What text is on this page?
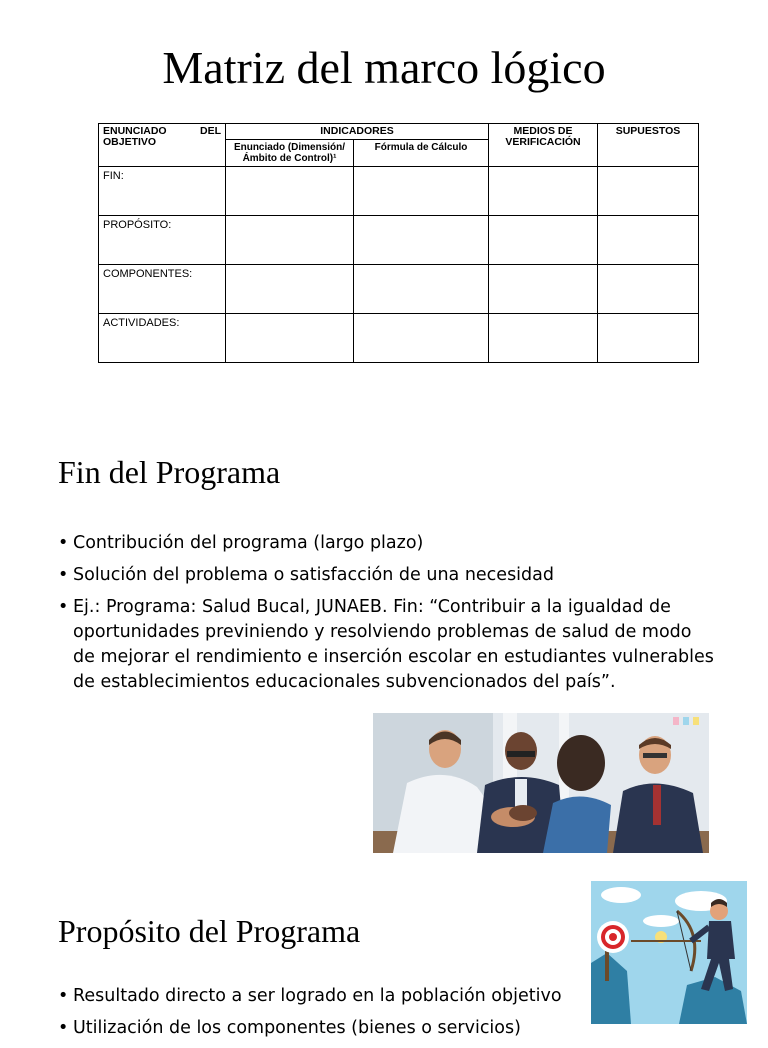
Matriz del marco lógico
ENUNCIADO DEL
OBJETIVO	INDICADORES		MEDIOS DE VERIFICACIÓN	SUPUESTOS
	Enunciado (Dimensión/Ámbito de Control)¹	Fórmula de Cálculo		
FIN:				
PROPÓSITO:				
COMPONENTES:				
ACTIVIDADES:				
Fin del Programa
• Contribución del programa (largo plazo)
• Solución del problema o satisfacción de una necesidad
• Ej.: Programa: Salud Bucal, JUNAEB. Fin: “Contribuir a la igualdad de oportunidades previniendo y resolviendo problemas de salud de modo de mejorar el rendimiento e inserción escolar en estudiantes vulnerables de establecimientos educacionales subvencionados del país”.
Propósito del Programa
• Resultado directo a ser logrado en la población objetivo
• Utilización de los componentes (bienes o servicios)
